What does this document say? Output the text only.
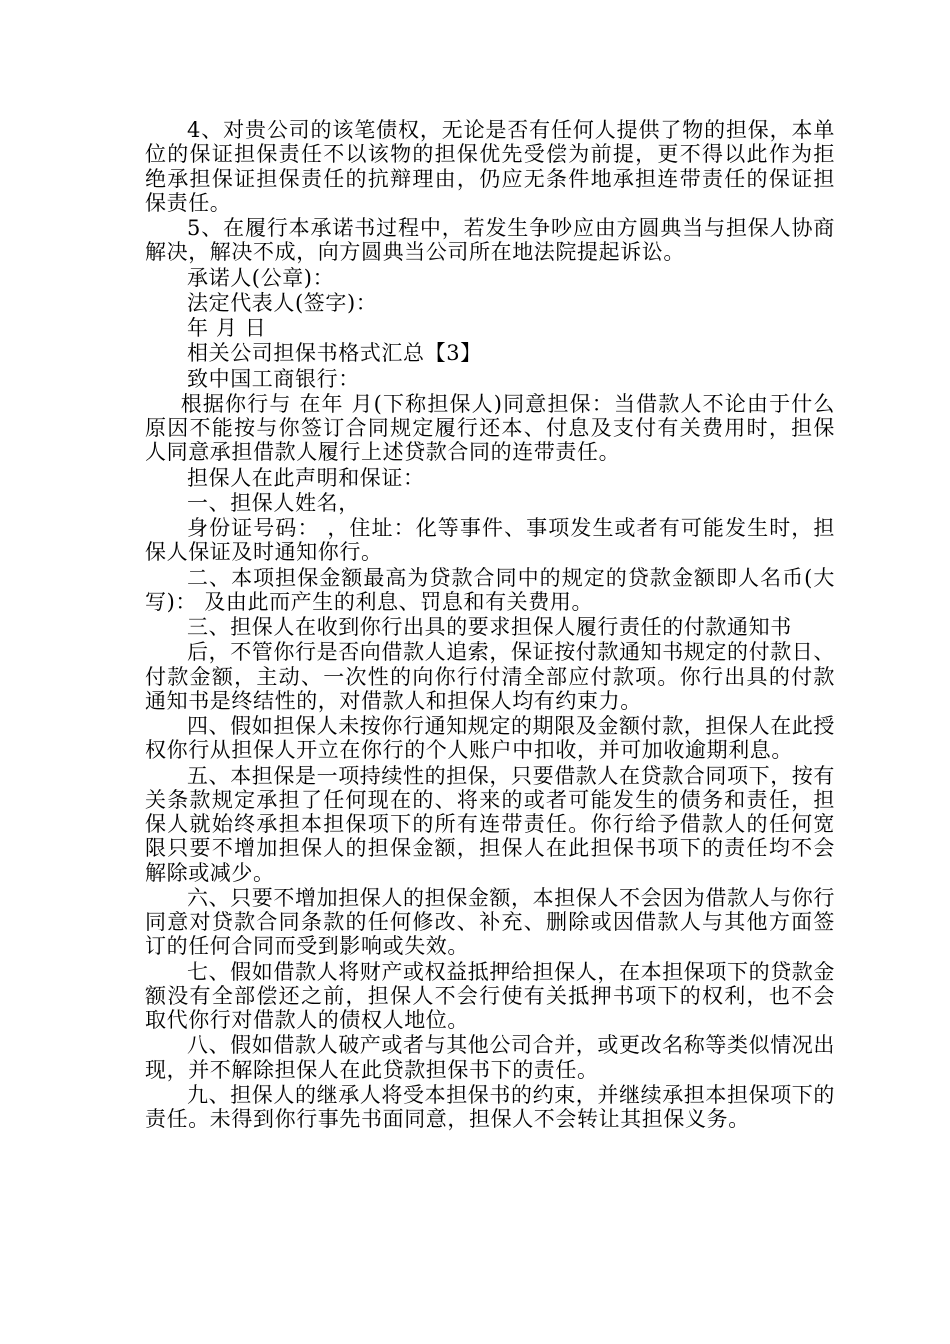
4、对贵公司的该笔债权，无论是否有任何人提供了物的担保，本单位的保证担保责任不以该物的担保优先受偿为前提，更不得以此作为拒绝承担保证担保责任的抗辩理由，仍应无条件地承担连带责任的保证担保责任。

5、在履行本承诺书过程中，若发生争吵应由方圆典当与担保人协商解决，解决不成，向方圆典当公司所在地法院提起诉讼。

承诺人(公章)：

法定代表人(签字)：

年 月 日

相关公司担保书格式汇总【3】

致中国工商银行：

根据你行与 在年 月(下称担保人)同意担保：当借款人不论由于什么原因不能按与你签订合同规定履行还本、付息及支付有关费用时，担保人同意承担借款人履行上述贷款合同的连带责任。

担保人在此声明和保证：

一、担保人姓名，

身份证号码： ，住址：化等事件、事项发生或者有可能发生时，担保人保证及时通知你行。

二、本项担保金额最高为贷款合同中的规定的贷款金额即人名币(大写)： 及由此而产生的利息、罚息和有关费用。

三、担保人在收到你行出具的要求担保人履行责任的付款通知书

后，不管你行是否向借款人追索，保证按付款通知书规定的付款日、付款金额，主动、一次性的向你行付清全部应付款项。你行出具的付款通知书是终结性的，对借款人和担保人均有约束力。

四、假如担保人未按你行通知规定的期限及金额付款，担保人在此授权你行从担保人开立在你行的个人账户中扣收，并可加收逾期利息。

五、本担保是一项持续性的担保，只要借款人在贷款合同项下，按有关条款规定承担了任何现在的、将来的或者可能发生的债务和责任，担保人就始终承担本担保项下的所有连带责任。你行给予借款人的任何宽限只要不增加担保人的担保金额，担保人在此担保书项下的责任均不会解除或减少。

六、只要不增加担保人的担保金额，本担保人不会因为借款人与你行同意对贷款合同条款的任何修改、补充、删除或因借款人与其他方面签订的任何合同而受到影响或失效。

七、假如借款人将财产或权益抵押给担保人，在本担保项下的贷款金额没有全部偿还之前，担保人不会行使有关抵押书项下的权利，也不会取代你行对借款人的债权人地位。

八、假如借款人破产或者与其他公司合并，或更改名称等类似情况出现，并不解除担保人在此贷款担保书下的责任。

九、担保人的继承人将受本担保书的约束，并继续承担本担保项下的责任。未得到你行事先书面同意，担保人不会转让其担保义务。
